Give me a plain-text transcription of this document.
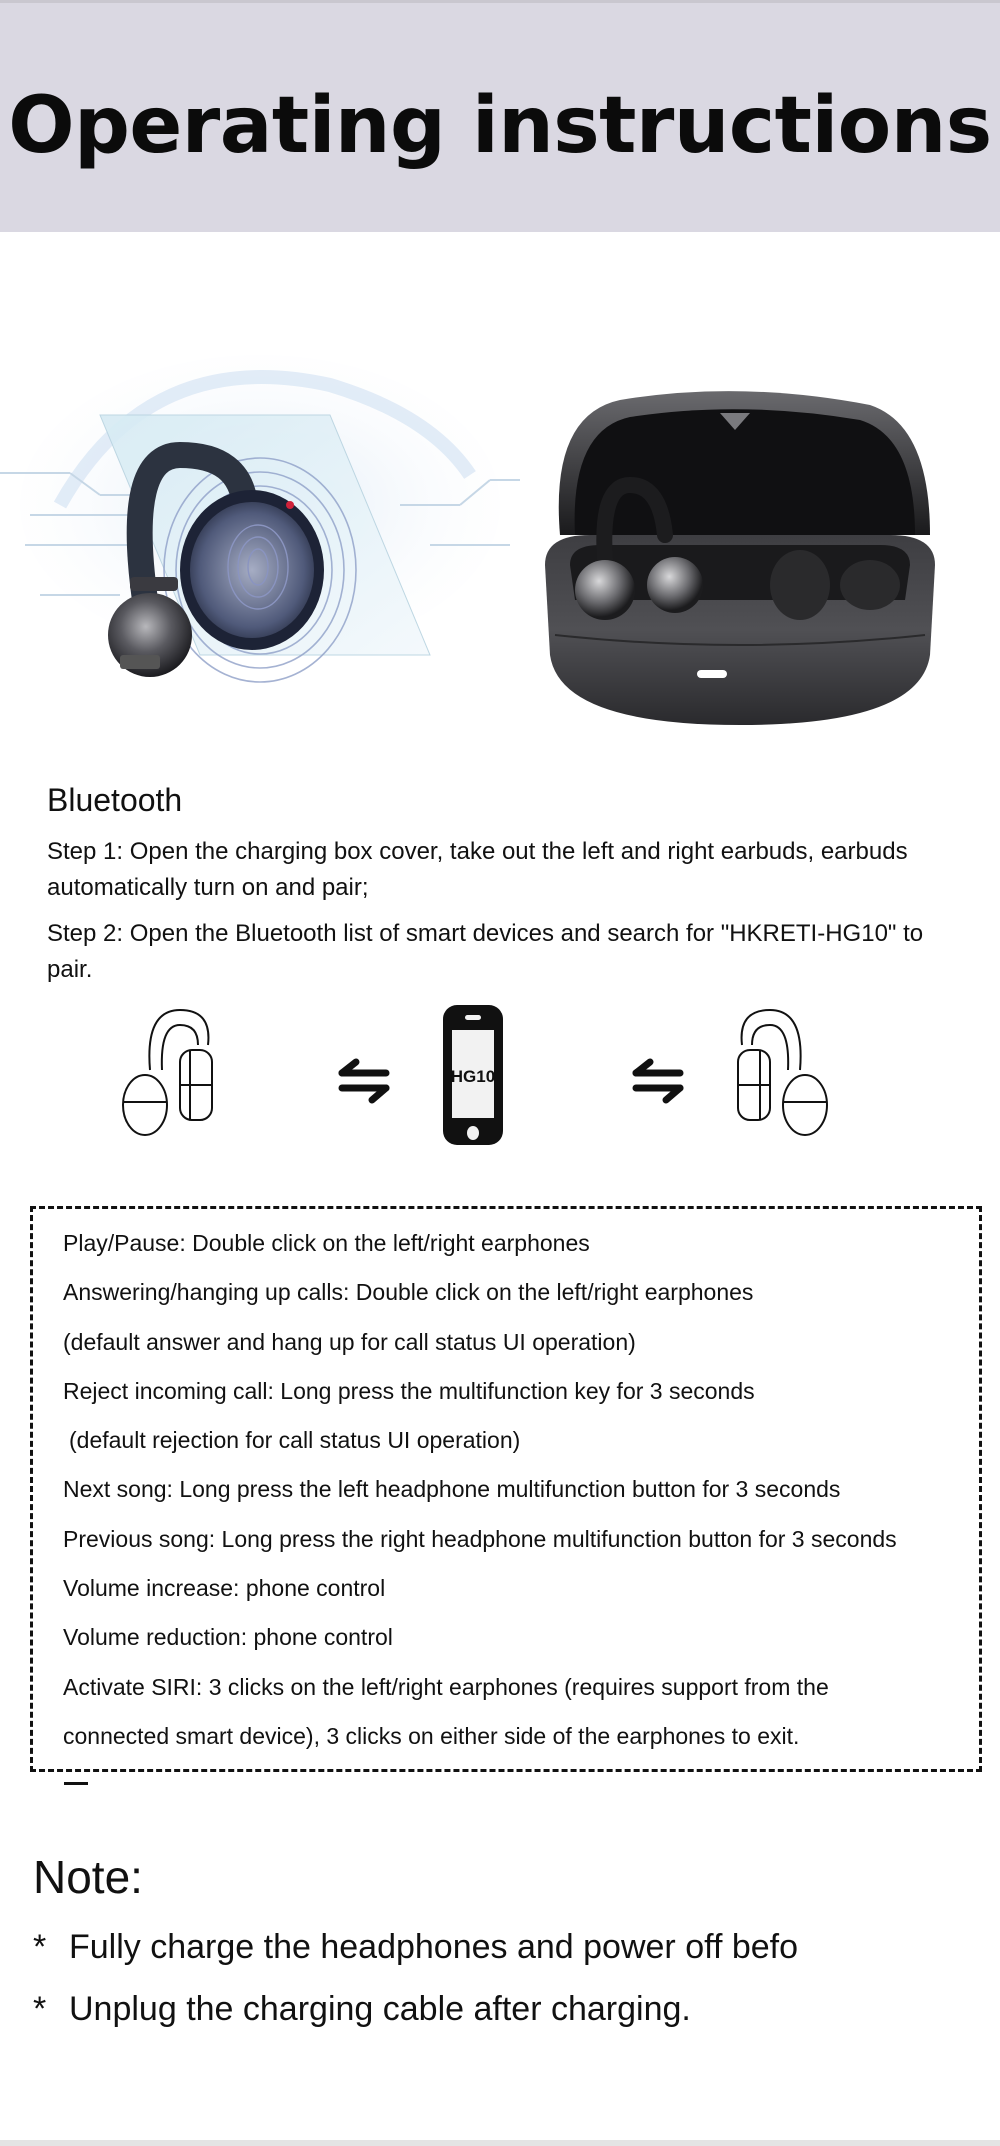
Operating instructions
Bluetooth
Step 1: Open the charging box cover, take out the left and right earbuds, earbuds automatically turn on and pair;
Step 2: Open the Bluetooth list of smart devices and search for "HKRETI-HG10" to pair.
HG10
Play/Pause: Double click on the left/right earphones
Answering/hanging up calls: Double click on the left/right earphones
(default answer and hang up for call status UI operation)
Reject incoming call: Long press the multifunction key for 3 seconds
(default rejection for call status UI operation)
Next song: Long press the left headphone multifunction button for 3 seconds
Previous song: Long press the right headphone multifunction button for 3 seconds
Volume increase: phone control
Volume reduction: phone control
Activate SIRI: 3 clicks on the left/right earphones (requires support from the
connected smart device), 3 clicks on either side of the earphones to exit.
Note:
* Fully charge the headphones and power off befo
* Unplug the charging cable after charging.
